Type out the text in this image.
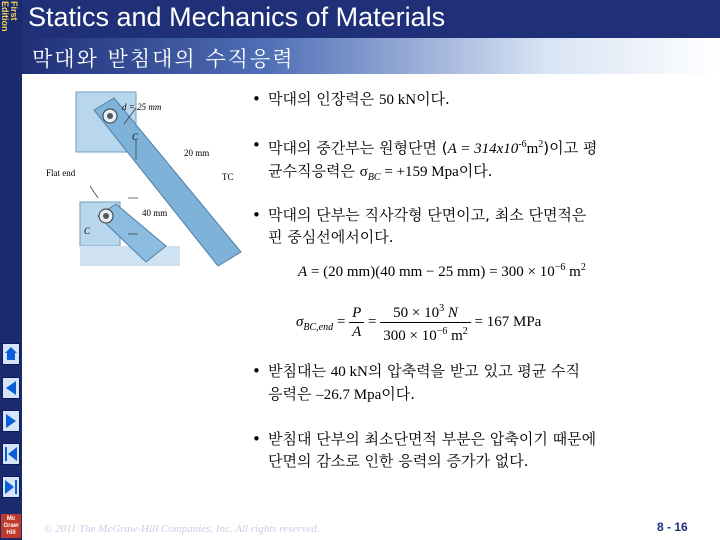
First
Edition Statics and Mechanics of Materials
막대와 받침대의 수직응력
d = 25 mm
20 mm
Flat end	TC
40 mm
C
C
• 막대의 인장력은 50 kN이다.
• 막대의 중간부는 원형단면 $(A = 314x10^{-6}m^2)$이고 평
균수직응력은 $\sigma_{BC} = +159$ Mpa이다.
• 막대의 단부는 직사각형 단면이고, 최소 단면적은
핀 중심선에서이다.
• 받침대는 40 kN의 압축력을 받고 있고 평균 수직
응력은 –26.7 Mpa이다.
• 받침대 단부의 최소단면적 부분은 압축이기 때문에
단면의 감소로 인한 응력의 증가가 없다.
A = (20 mm)(40 mm − 25 $mm) = 300 \times 10^{-6}$ $m^2$
$\sigma_{BC,end} = \frac{P}{A} = \frac{50 \times 10^3 N}{300 \times 10^{-6} m^2} = 167$ MPa
Mc
Graw
Hill	© 2011 The McGraw-Hill Companies, Inc. All rights reserved.	8 - 16
